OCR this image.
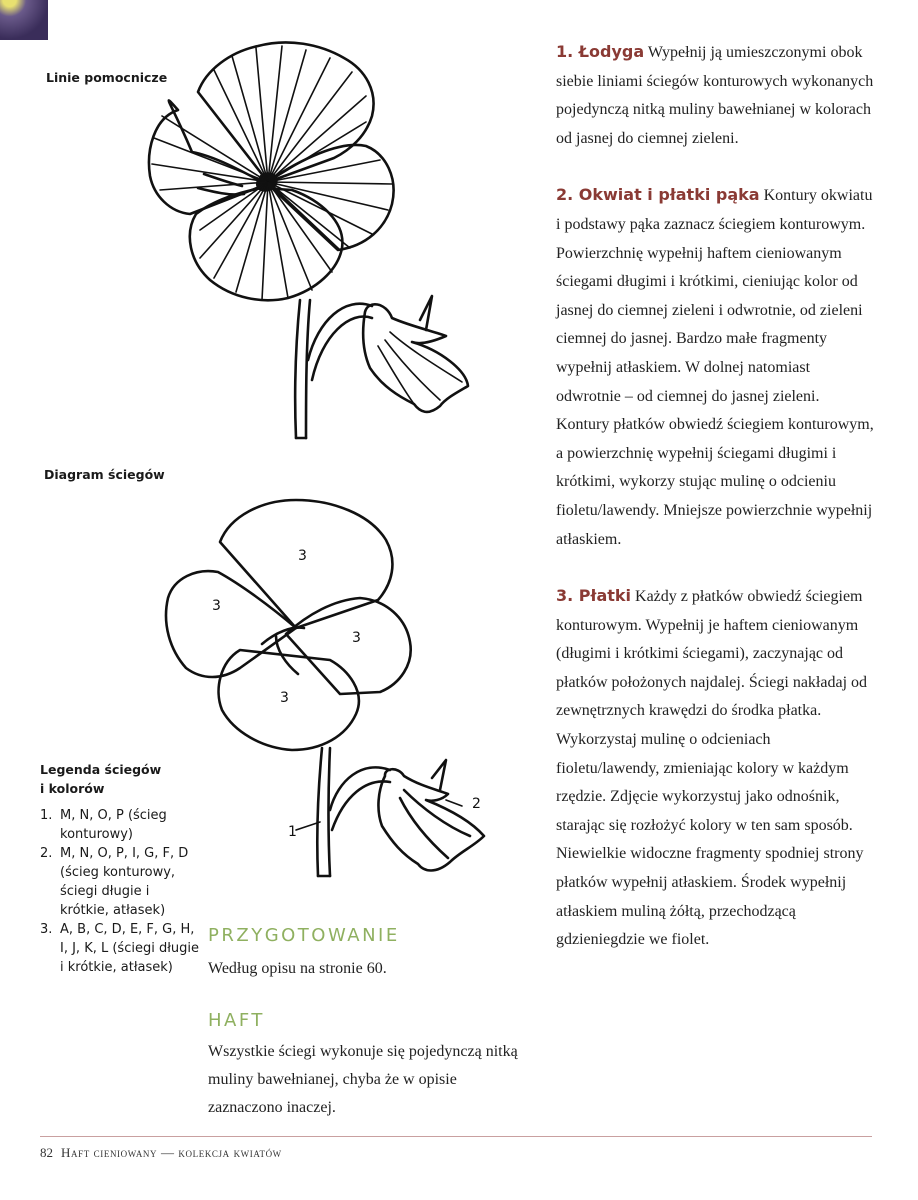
Linie pomocnicze
Diagram ściegów
3
3
3
3
2
1
Legenda ściegów
i kolorów
1. M, N, O, P (ścieg konturowy)
2. M, N, O, P, I, G, F, D (ścieg konturowy, ściegi długie i krótkie, atłasek)
3. A, B, C, D, E, F, G, H, I, J, K, L (ściegi długie i krótkie, atłasek)
PRZYGOTOWANIE
Według opisu na stronie 60.
HAFT
Wszystkie ściegi wykonuje się pojedynczą nitką muliny bawełnianej, chyba że w opisie zaznaczono inaczej.

1. Łodyga Wypełnij ją umieszczonymi obok siebie liniami ściegów konturowych wykonanych pojedynczą nitką muliny bawełnianej w kolorach od jasnej do ciemnej zieleni.

2. Okwiat i płatki pąka Kontury okwiatu i podstawy pąka zaznacz ściegiem konturowym. Powierzchnię wypełnij haftem cieniowanym ściegami długimi i krótkimi, cieniując kolor od jasnej do ciemnej zieleni i odwrotnie, od zieleni ciemnej do jasnej. Bardzo małe fragmenty wypełnij atłaskiem. W dolnej natomiast odwrotnie – od ciemnej do jasnej zieleni. Kontury płatków obwiedź ściegiem konturowym, a powierzchnię wypełnij ściegami długimi i krótkimi, wykorzy stując mulinę o odcieniu fioletu/lawendy. Mniejsze powierzchnie wypełnij atłaskiem.

3. Płatki Każdy z płatków obwiedź ściegiem konturowym. Wypełnij je haftem cieniowanym (długimi i krótkimi ściegami), zaczynając od płatków położonych najdalej. Ściegi nakładaj od zewnętrznych krawędzi do środka płatka. Wykorzystaj mulinę o odcieniach fioletu/lawendy, zmieniając kolory w każdym rzędzie. Zdjęcie wykorzystuj jako odnośnik, starając się rozłożyć kolory w ten sam sposób. Niewielkie widoczne fragmenty spodniej strony płatków wypełnij atłaskiem. Środek wypełnij atłaskiem muliną żółtą, przechodzącą gdzieniegdzie we fiolet.

82 Haft cieniowany — kolekcja kwiatów
